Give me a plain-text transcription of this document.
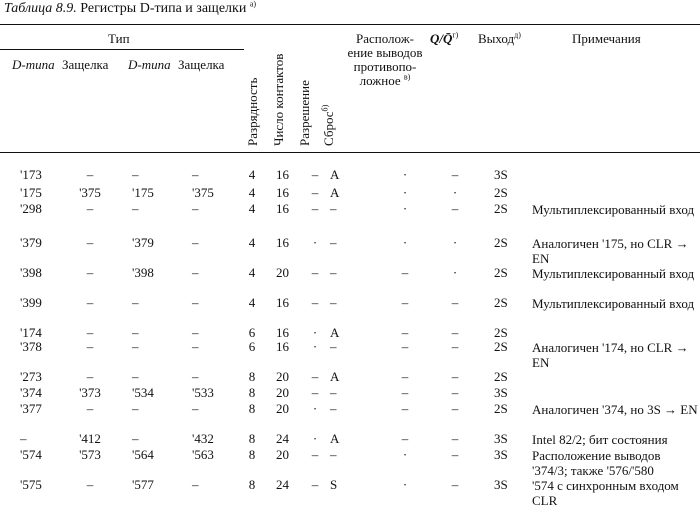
Таблица 8.9. Регистры D-типа и защелки $^{а)}$
Тип
D-типа Защелка D-типа Защелка
Разрядность Число контактов Разрешение Сброс$^{б)}$
Располож-
ение выводов
противопо-
ложное $^{в)}$
Q/Q̄$^{г)}$ Выход$^{д)}$	Примечания
'173	–	–	–	4 16 – A	·	–	3S
'175	'375	'175	'375	4 16 – A	·	·	2S
'298	–	–	–	4 16 – –	·	–	2S Мультиплексированный вход
'379	–	'379	–	4 16 · –	·	·	2S Аналогичен '175, но CLR → EN
'398	–	'398	–	4 20 – –	–	·	2S Мультиплексированный вход
'399	–	–	–	4 16 – –	–	–	2S Мультиплексированный вход
'174	–	–	–	6 16 · A	–	–	2S
'378	–	–	–	6 16 · –	–	–	2S Аналогичен '174, но CLR → EN
'273	–	–	–	8 20 – A	–	–	2S
'374	'373	'534	'533	8 20 – –	–	–	3S
'377	–	–	–	8 20 · –	–	–	2S Аналогичен '374, но 3S → EN
–	'412	–	'432	8 24 · A	–	–	3S Intel 82/2; бит состояния
'574	'573	'564	'563	8 20 – –	·	–	3S Расположение выводов '374/3; также '576/'580
'575	–	'577	–	8 24 – S	·	–	3S '574 с синхронным входом CLR
